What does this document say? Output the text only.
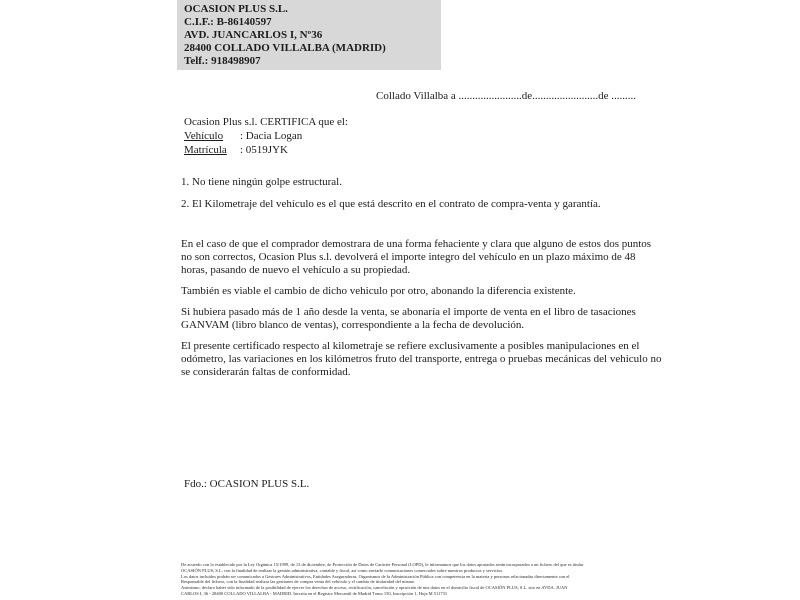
OCASION PLUS S.L.
C.I.F.: B-86140597
AVD. JUANCARLOS I, Nº36
28400 COLLADO VILLALBA (MADRID)
Telf.: 918498907
Collado Villalba a .......................de........................de .........
Ocasion Plus s.l. CERTIFICA que el:
Vehículo : Dacia Logan
Matrícula : 0519JYK
1. No tiene ningún golpe estructural.
2. El Kilometraje del vehículo es el que está descrito en el contrato de compra-venta y garantía.

En el caso de que el comprador demostrara de una forma fehaciente y clara que alguno de estos dos puntos no son correctos, Ocasion Plus s.l. devolverá el importe integro del vehículo en un plazo máximo de 48 horas, pasando de nuevo el vehículo a su propiedad.

También es viable el cambio de dicho vehiculo por otro, abonando la diferencia existente.

Si hubiera pasado más de 1 año desde la venta, se abonaría el importe de venta en el libro de tasaciones GANVAM (libro blanco de ventas), correspondiente a la fecha de devolución.

El presente certificado respecto al kilometraje se refiere exclusivamente a posibles manipulaciones en el odómetro, las variaciones en los kilómetros fruto del transporte, entrega o pruebas mecánicas del vehiculo no se considerarán faltas de conformidad.

Fdo.: OCASION PLUS S.L.
De acuerdo con lo establecido por la Ley Orgánica 15/1999, de 13 de diciembre, de Protección de Datos de Carácter Personal (LOPD), le informamos que los datos aportados serán incorporados a un fichero del que es titular
OCASIÓN PLUS, S.L. con la finalidad de realizar la gestión administrativa, contable y fiscal, así como enviarle comunicaciones comerciales sobre nuestros productos y servicios.
Los datos incluidos podrán ser comunicados a Gestores Administrativos, Entidades Aseguradoras, Organismos de la Administración Pública con competencia en la materia y personas relacionadas directamente con el
Responsable del fichero, con la finalidad realizar las gestiones de compra venta del vehículo y el cambio de titularidad del mismo.
Asimismo, declaro haber sido informado de la posibilidad de ejercer los derechos de acceso, rectificación, cancelación y oposición de mis datos en el domicilio fiscal de OCASIÓN PLUS, S.L. sito en AVDA. JUAN
CARLOS I, 36 - 28400 COLLADO VILLALBA - MADRID. Inscrita en el Registro Mercantil de Madrid Tomo 150, Inscripción 1, Hoja M 511731
